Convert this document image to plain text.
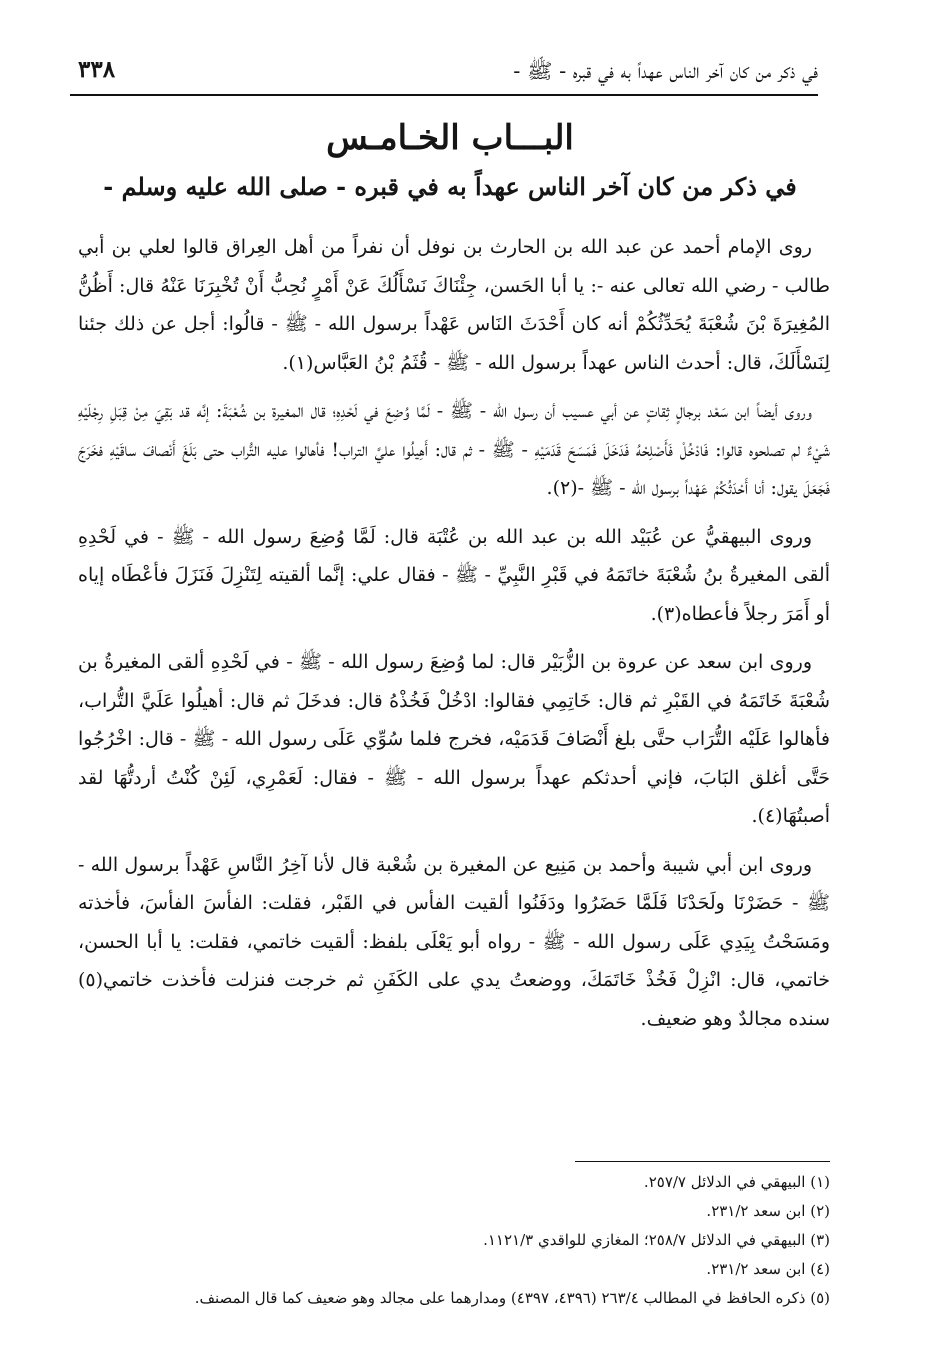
في ذكر من كان آخر الناس عهداً به في قبره - ﷺ -
٣٣٨
البـــاب الخـامـس
في ذكر من كان آخر الناس عهداً به في قبره - صلى الله عليه وسلم -

روى الإمام أحمد عن عبد الله بن الحارث بن نوفل أن نفراً من أهل العِراق قالوا لعلي بن أبي طالب - رضي الله تعالى عنه -: يا أبا الحَسن، جِئْنَاكَ نَسْأَلُكَ عَنْ أَمْرٍ نُحِبُّ أَنْ تُخْبِرَنَا عَنْهُ قال: أَظُنُّ المُغِيرَةَ بْنَ شُعْبَةَ يُحَدِّثُكُمْ أنه كان أَحْدَثَ النَاس عَهْداً برسول الله - ﷺ - قالُوا: أجل عن ذلك جئنا لِنَسْأَلَكَ، قال: أحدث الناس عهداً برسول الله - ﷺ - قُثَمُ بْنُ العَبَّاس(١).

وروى أيضاً ابن سَعْد برجالٍ ثِقاتٍ عن أبي عسيب أن رسول الله - ﷺ - لَمَّا وُضِعَ في لَحْدِهِ؛ قال المغيرة بن شُعْبَةَ: إنَّه قد بَقِيَ مِنْ قِبَلِ رِجْلَيْهِ شَيْءٌ لم تصلحوه قالوا: فَادْخُلْ فَأَصْلِحْهُ فَدَخَلَ فَمَسَحَ قَدَمَيْهِ - ﷺ - ثم قال: أَهِيلُوا عليَّ التراب! فأهالوا عليه التُّراب حتى بَلَغَ أَنْصافَ ساقَيْهِ فخَرَجَ فَجَعَلَ يقول: أنا أَحْدَثُكُمْ عَهْداً برسول الله - ﷺ -(٢).

وروى البيهقيُّ عن عُبَيْد الله بن عبد الله بن عُتْبَة قال: لَمَّا وُضِعَ رسول الله - ﷺ - في لَحْدِهِ ألقى المغيرةُ بنُ شُعْبَةَ خاتَمَهُ في قَبْرِ النَّبِيِّ - ﷺ - فقال علي: إنَّما ألقيته لِتَنْزِلَ فَنَزَلَ فأعْطَاه إياه أو أَمَرَ رجلاً فأعطاه(٣).

وروى ابن سعد عن عروة بن الزُّبَيْر قال: لما وُضِعَ رسول الله - ﷺ - في لَحْدِهِ ألقى المغيرةُ بن شُعْبَةَ خَاتَمَهُ في القَبْرِ ثم قال: خَاتِمِي فقالوا: ادْخُلْ فَخُذْهُ قال: فدخَلَ ثم قال: أهيلُوا عَلَيَّ التُّراب، فأهالوا عَلَيْه التُّرَاب حتَّى بلغ أَنْصَافَ قَدَمَيْه، فخرج فلما سُوِّي عَلَى رسول الله - ﷺ - قال: اخْرُجُوا حَتَّى أغلق البَابَ، فإني أحدثكم عهداً برسول الله - ﷺ - فقال: لَعَمْرِي، لَئِنْ كُنْتُ أردتُّهَا لقد أصبتُهَا(٤).

وروى ابن أبي شيبة وأحمد بن مَنِيع عن المغيرة بن شُعْبة قال لأنا آخِرُ النَّاسِ عَهْداً برسول الله - ﷺ - حَضَرْنَا ولَحَدْنَا فَلَمَّا حَضَرُوا ودَفَنُوا ألقيت الفأس في القَبْر، فقلت: الفأسَ الفأسَ، فأخذته ومَسَحْتُ بِيَدِي عَلَى رسول الله - ﷺ - رواه أبو يَعْلَى بلفظ: ألقيت خاتمي، فقلت: يا أبا الحسن، خاتمي، قال: انْزِلْ فَخُذْ خَاتَمَكَ، ووضعتُ يدي على الكَفَنِ ثم خرجت فنزلت فأخذت خاتمي(٥) سنده مجالدٌ وهو ضعيف.

(١) البيهقي في الدلائل ٢٥٧/٧.

(٢) ابن سعد ٢٣١/٢.

(٣) البيهقي في الدلائل ٢٥٨/٧؛ المغازي للواقدي ١١٢١/٣.

(٤) ابن سعد ٢٣١/٢.

(٥) ذكره الحافظ في المطالب ٢٦٣/٤ (٤٣٩٦، ٤٣٩٧) ومدارهما على مجالد وهو ضعيف كما قال المصنف.
